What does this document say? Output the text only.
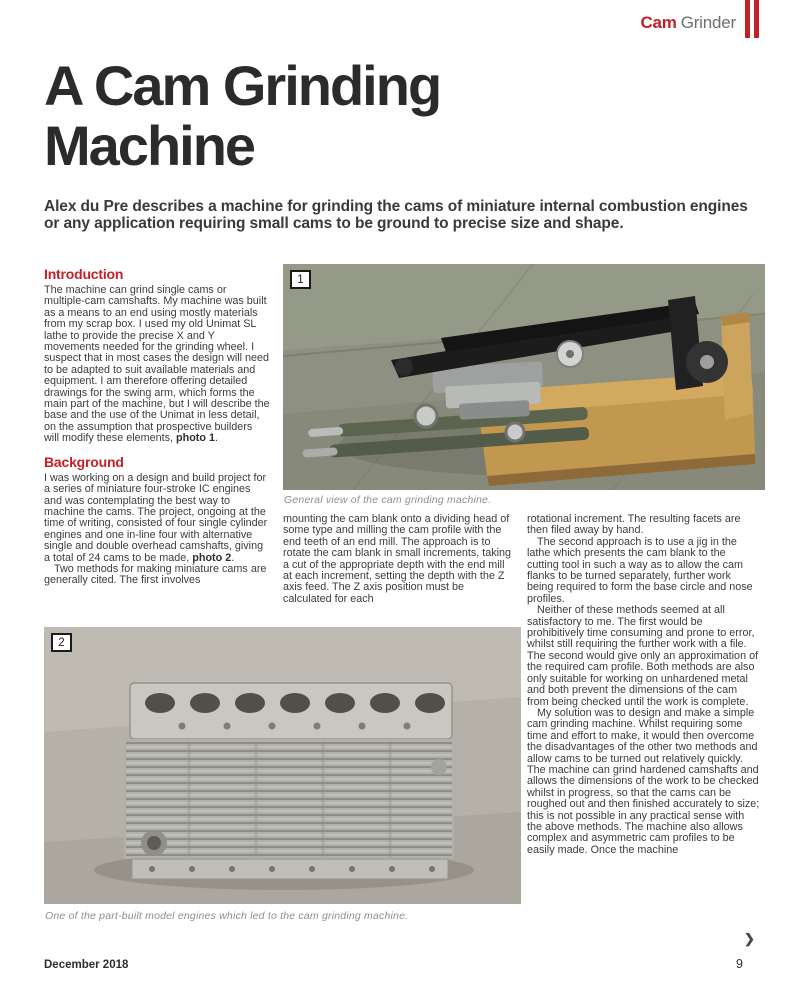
Cam Grinder
A Cam Grinding Machine

Alex du Pre describes a machine for grinding the cams of miniature internal combustion engines or any application requiring small cams to be ground to precise size and shape.

Introduction

The machine can grind single cams or multiple-cam camshafts. My machine was built as a means to an end using mostly materials from my scrap box. I used my old Unimat SL lathe to provide the precise X and Y movements needed for the grinding wheel. I suspect that in most cases the design will need to be adapted to suit available materials and equipment. I am therefore offering detailed drawings for the swing arm, which forms the main part of the machine, but I will describe the base and the use of the Unimat in less detail, on the assumption that prospective builders will modify these elements, photo 1.

Background

I was working on a design and build project for a series of miniature four-stroke IC engines and was contemplating the best way to machine the cams. The project, ongoing at the time of writing, consisted of four single cylinder engines and one in-line four with alternative single and double overhead camshafts, giving a total of 24 cams to be made, photo 2.

Two methods for making miniature cams are generally cited. The first involves

1
General view of the cam grinding machine.

mounting the cam blank onto a dividing head of some type and milling the cam profile with the end teeth of an end mill. The approach is to rotate the cam blank in small increments, taking a cut of the appropriate depth with the end mill at each increment, setting the depth with the Z axis feed. The Z axis position must be calculated for each

rotational increment. The resulting facets are then filed away by hand.

The second approach is to use a jig in the lathe which presents the cam blank to the cutting tool in such a way as to allow the cam flanks to be turned separately, further work being required to form the base circle and nose profiles.

Neither of these methods seemed at all satisfactory to me. The first would be prohibitively time consuming and prone to error, whilst still requiring the further work with a file. The second would give only an approximation of the required cam profile. Both methods are also only suitable for working on unhardened metal and both prevent the dimensions of the cam from being checked until the work is complete.

My solution was to design and make a simple cam grinding machine. Whilst requiring some time and effort to make, it would then overcome the disadvantages of the other two methods and allow cams to be turned out relatively quickly. The machine can grind hardened camshafts and allows the dimensions of the work to be checked whilst in progress, so that the cams can be roughed out and then finished accurately to size; this is not possible in any practical sense with the above methods. The machine also allows complex and asymmetric cam profiles to be easily made. Once the machine

2
One of the part-built model engines which led to the cam grinding machine.
❯
December 2018	9
